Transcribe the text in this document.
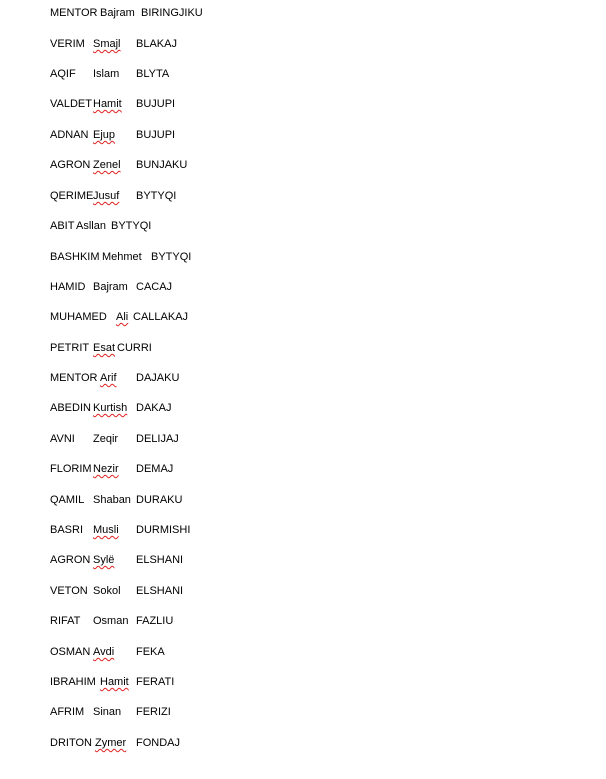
MENTOR Bajram BIRINGJIKU
VERIM Smajl BLAKAJ
AQIF Islam BLYTA
VALDET Hamit BUJUPI
ADNAN Ejup BUJUPI
AGRON Zenel BUNJAKU
QERIME Jusuf BYTYQI
ABIT Asllan BYTYQI
BASHKIM Mehmet BYTYQI
HAMID Bajram CACAJ
MUHAMED Ali CALLAKAJ
PETRIT Esat CURRI
MENTOR Arif DAJAKU
ABEDIN Kurtish DAKAJ
AVNI Zeqir DELIJAJ
FLORIM Nezir DEMAJ
QAMIL Shaban DURAKU
BASRI Musli DURMISHI
AGRON Sylë ELSHANI
VETON Sokol ELSHANI
RIFAT Osman FAZLIU
OSMAN Avdi FEKA
IBRAHIM Hamit FERATI
AFRIM Sinan FERIZI
DRITON Zymer FONDAJ
